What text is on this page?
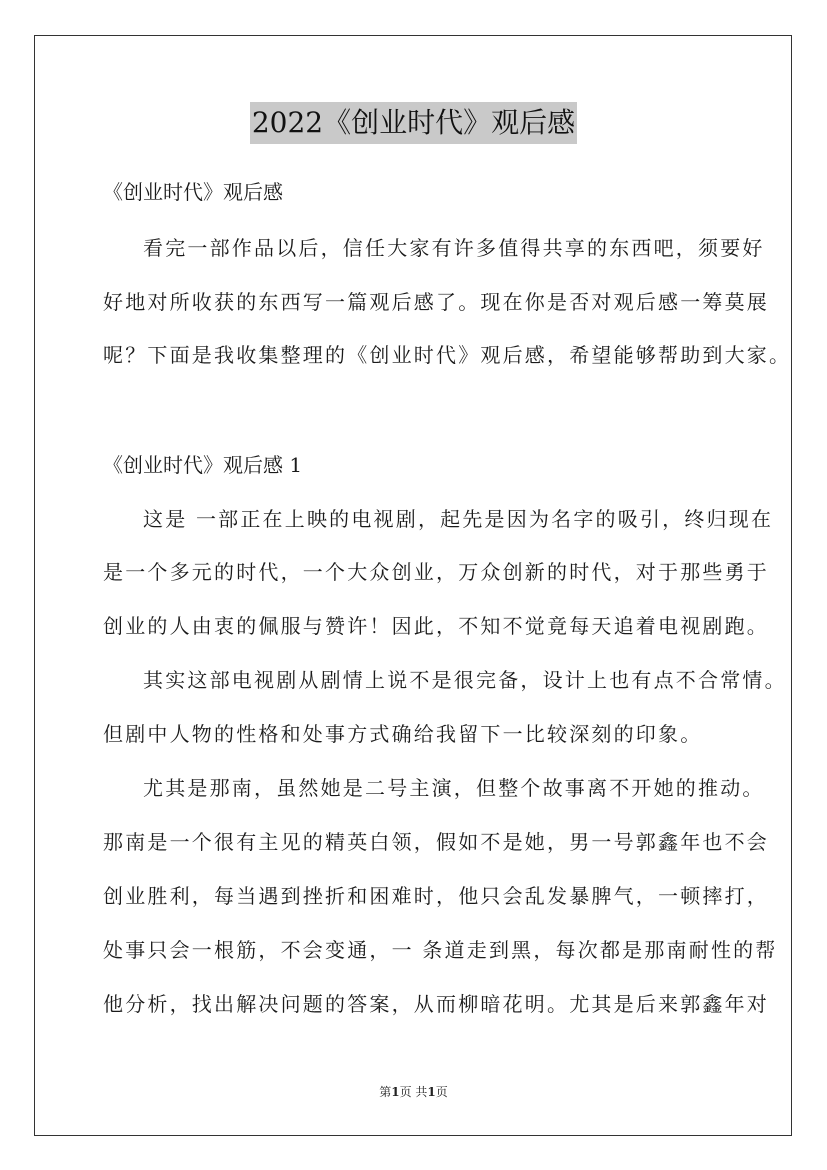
2022《创业时代》观后感
《创业时代》观后感
看完一部作品以后，信任大家有许多值得共享的东西吧，须要好
好地对所收获的东西写一篇观后感了。现在你是否对观后感一筹莫展
呢？下面是我收集整理的《创业时代》观后感，希望能够帮助到大家。
《创业时代》观后感 1
这是 一部正在上映的电视剧，起先是因为名字的吸引，终归现在
是一个多元的时代，一个大众创业，万众创新的时代，对于那些勇于
创业的人由衷的佩服与赞许！因此，不知不觉竟每天追着电视剧跑。
其实这部电视剧从剧情上说不是很完备，设计上也有点不合常情。
但剧中人物的性格和处事方式确给我留下一比较深刻的印象。
尤其是那南，虽然她是二号主演，但整个故事离不开她的推动。
那南是一个很有主见的精英白领，假如不是她，男一号郭鑫年也不会
创业胜利，每当遇到挫折和困难时，他只会乱发暴脾气，一顿摔打，
处事只会一根筋，不会变通，一 条道走到黑，每次都是那南耐性的帮
他分析，找出解决问题的答案，从而柳暗花明。尤其是后来郭鑫年对
第1页 共1页
